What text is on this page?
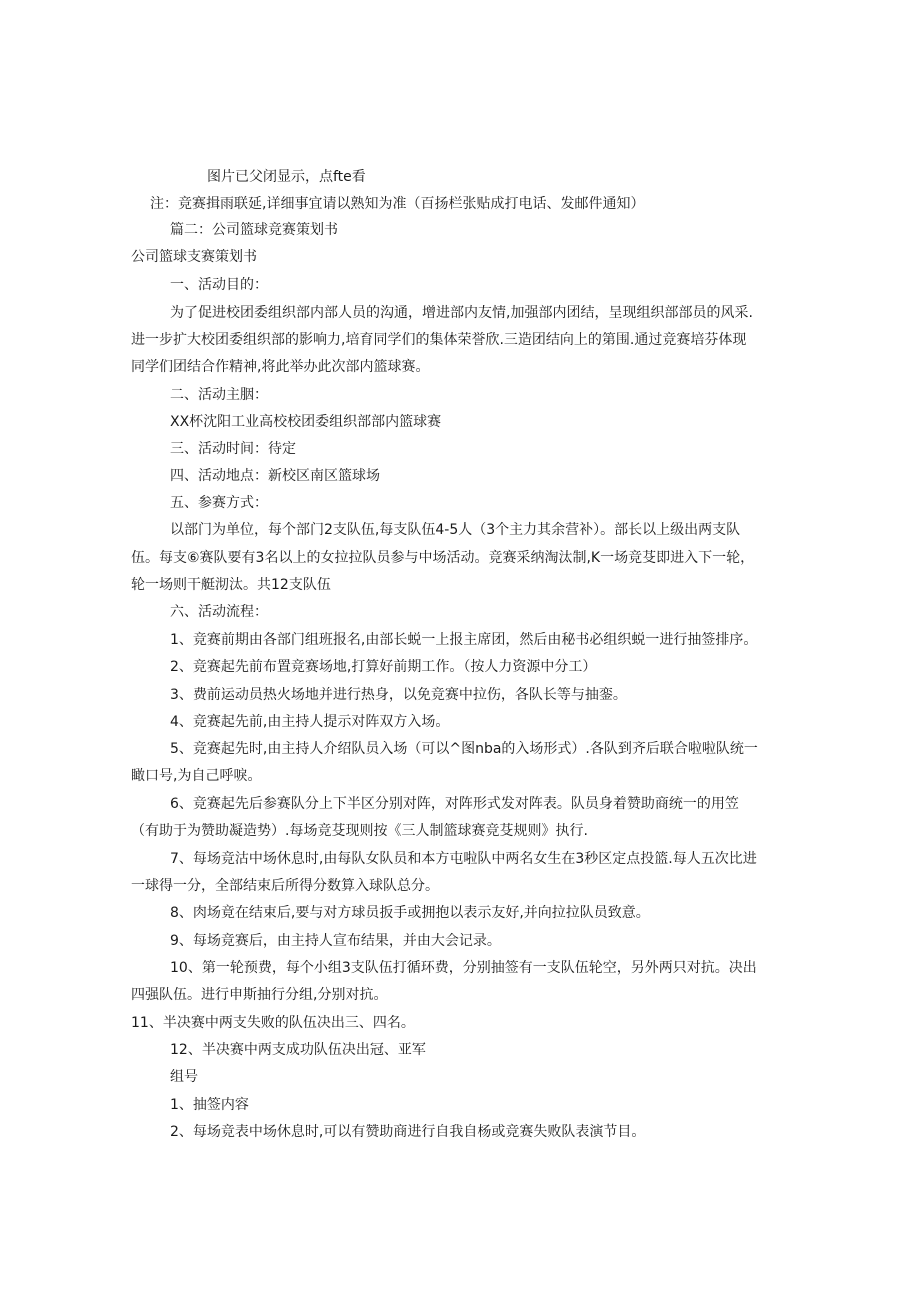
图片已父闭显示，点fte看
注：竞赛揖雨联延,详细事宜请以熟知为准（百扬栏张贴成打电话、发邮件通知）
篇二：公司篮球竞赛策划书
公司篮球支赛策划书
一、活动目的：
为了促进校团委组织部内部人员的沟通，增进部内友情,加强部内团结，呈现组织部部员的风采.
进一步扩大校团委组织部的影响力,培育同学们的集体荣誉欣.三造团结向上的第围.通过竞赛培芬体现
同学们团结合作精神,将此举办此次部内篮球赛。
二、活动主胭：
XX杯沈阳工业高校校团委组织部部内篮球赛
三、活动时间：待定
四、活动地点：新校区南区篮球场
五、参赛方式：
以部门为单位，每个部门2支队伍,每支队伍4-5人（3个主力其余营补）。部长以上级出两支队
伍。每支⑥赛队要有3名以上的女拉拉队员参与中场活动。竞赛采纳淘汰制,K一场竞芟即进入下一轮，
轮一场则干艇沏汰。共12支队伍
六、活动流程：
1、竞赛前期由各部门组班报名,由部长蜕一上报主席团，然后由秘书必组织蜕一进行抽签排序。
2、竞赛起先前布置竞赛场地,打算好前期工作。（按人力资源中分工）
3、费前运动员热火场地并进行热身，以免竞赛中拉伤，各队长等与抽銮。
4、竞赛起先前,由主持人提示对阵双方入场。
5、竞赛起先时,由主持人介绍队员入场（可以^图nba的入场形式）.各队到齐后联合啦啦队统一
瞰口号,为自己呼唳。
6、竞赛起先后参赛队分上下半区分别对阵，对阵形式发对阵表。队员身着赞助商统一的用笠
（有助于为赞助凝造势）.每场竞芟现则按《三人制篮球赛竞芟规则》执行.
7、每场竞沽中场休息时,由每队女队员和本方屯啦队中两名女生在3秒区定点投篮.每人五次比进
一球得一分，全部结束后所得分数算入球队总分。
8、肉场竟在结束后,要与对方球员扳手或拥抱以表示友好,并向拉拉队员致意。
9、每场竞赛后，由主持人宣布结果，并由大会记录。
10、第一轮预费，每个小组3支队伍打循环费，分别抽签有一支队伍轮空，另外两只对抗。决出
四强队伍。进行申斯抽行分组,分别对抗。
11、半决赛中两支失败的队伍决出三、四名。
12、半决赛中两支成功队伍决出冠、亚军
组号
1、抽签内容
2、每场竞表中场休息时,可以有赞助商进行自我自杨或竞赛失败队表演节目。
